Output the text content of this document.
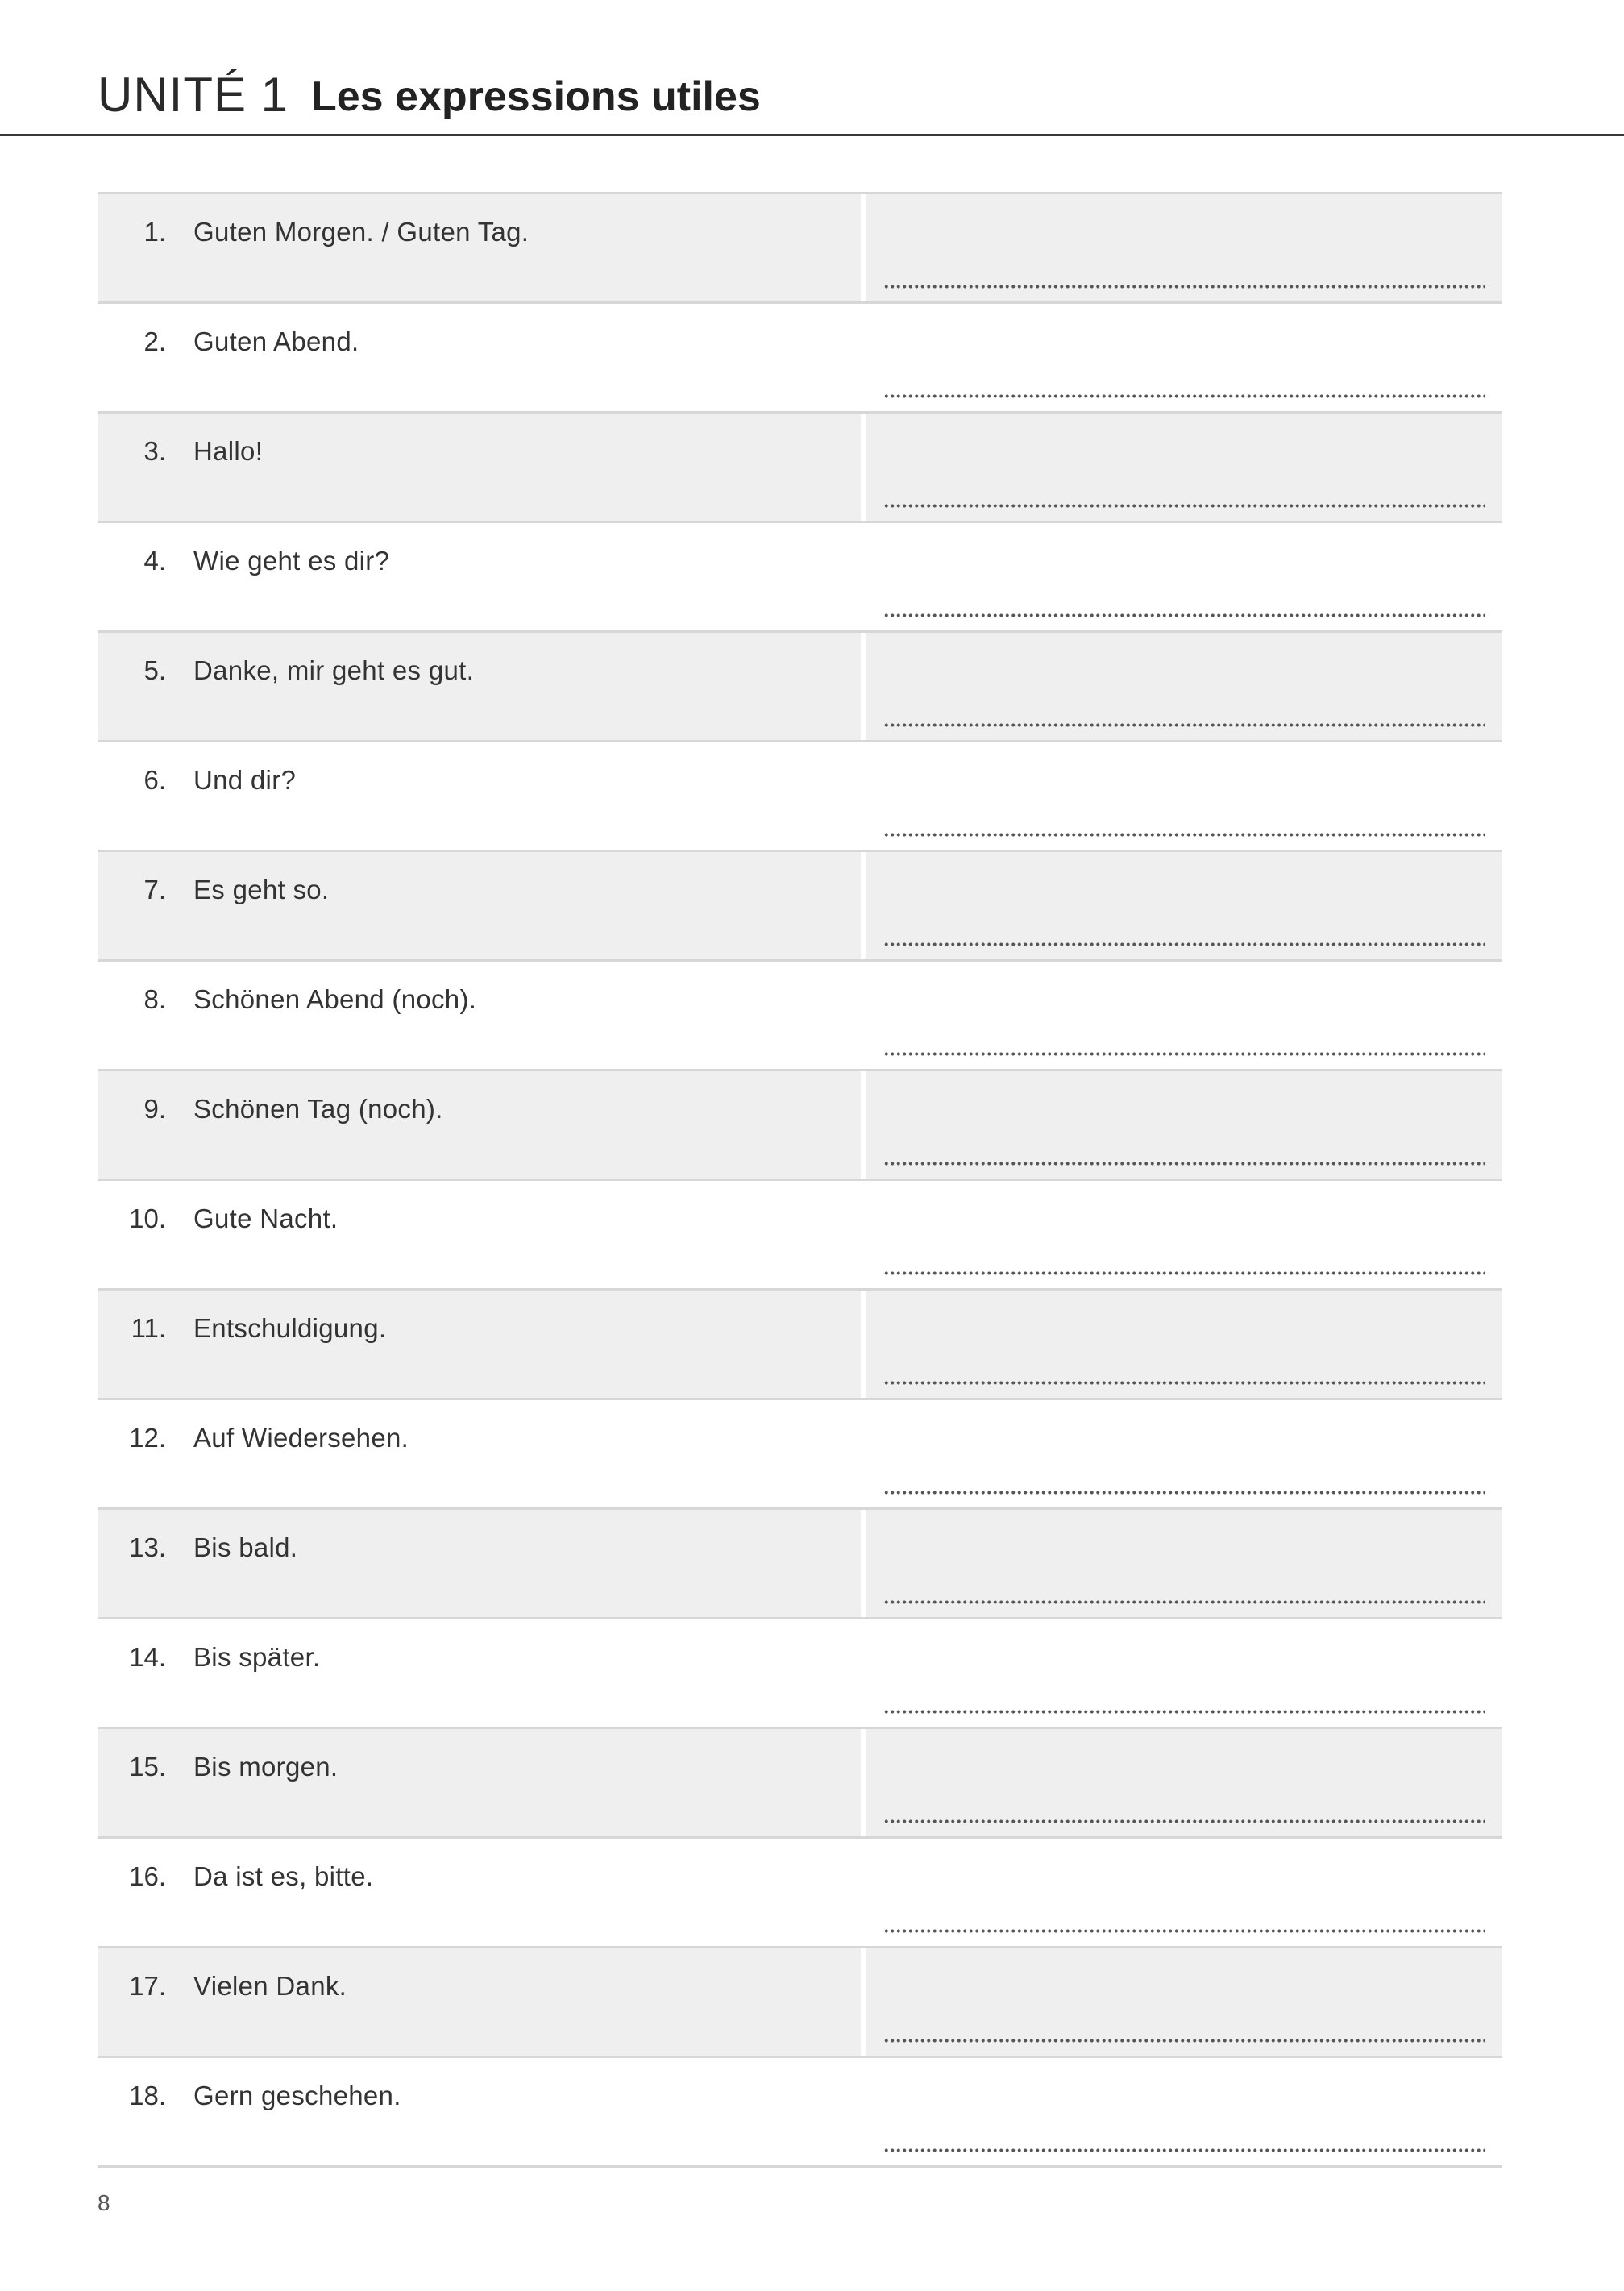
UNITÉ 1 Les expressions utiles
1. Guten Morgen. / Guten Tag.
2. Guten Abend.
3. Hallo!
4. Wie geht es dir?
5. Danke, mir geht es gut.
6. Und dir?
7. Es geht so.
8. Schönen Abend (noch).
9. Schönen Tag (noch).
10. Gute Nacht.
11. Entschuldigung.
12. Auf Wiedersehen.
13. Bis bald.
14. Bis später.
15. Bis morgen.
16. Da ist es, bitte.
17. Vielen Dank.
18. Gern geschehen.
8
